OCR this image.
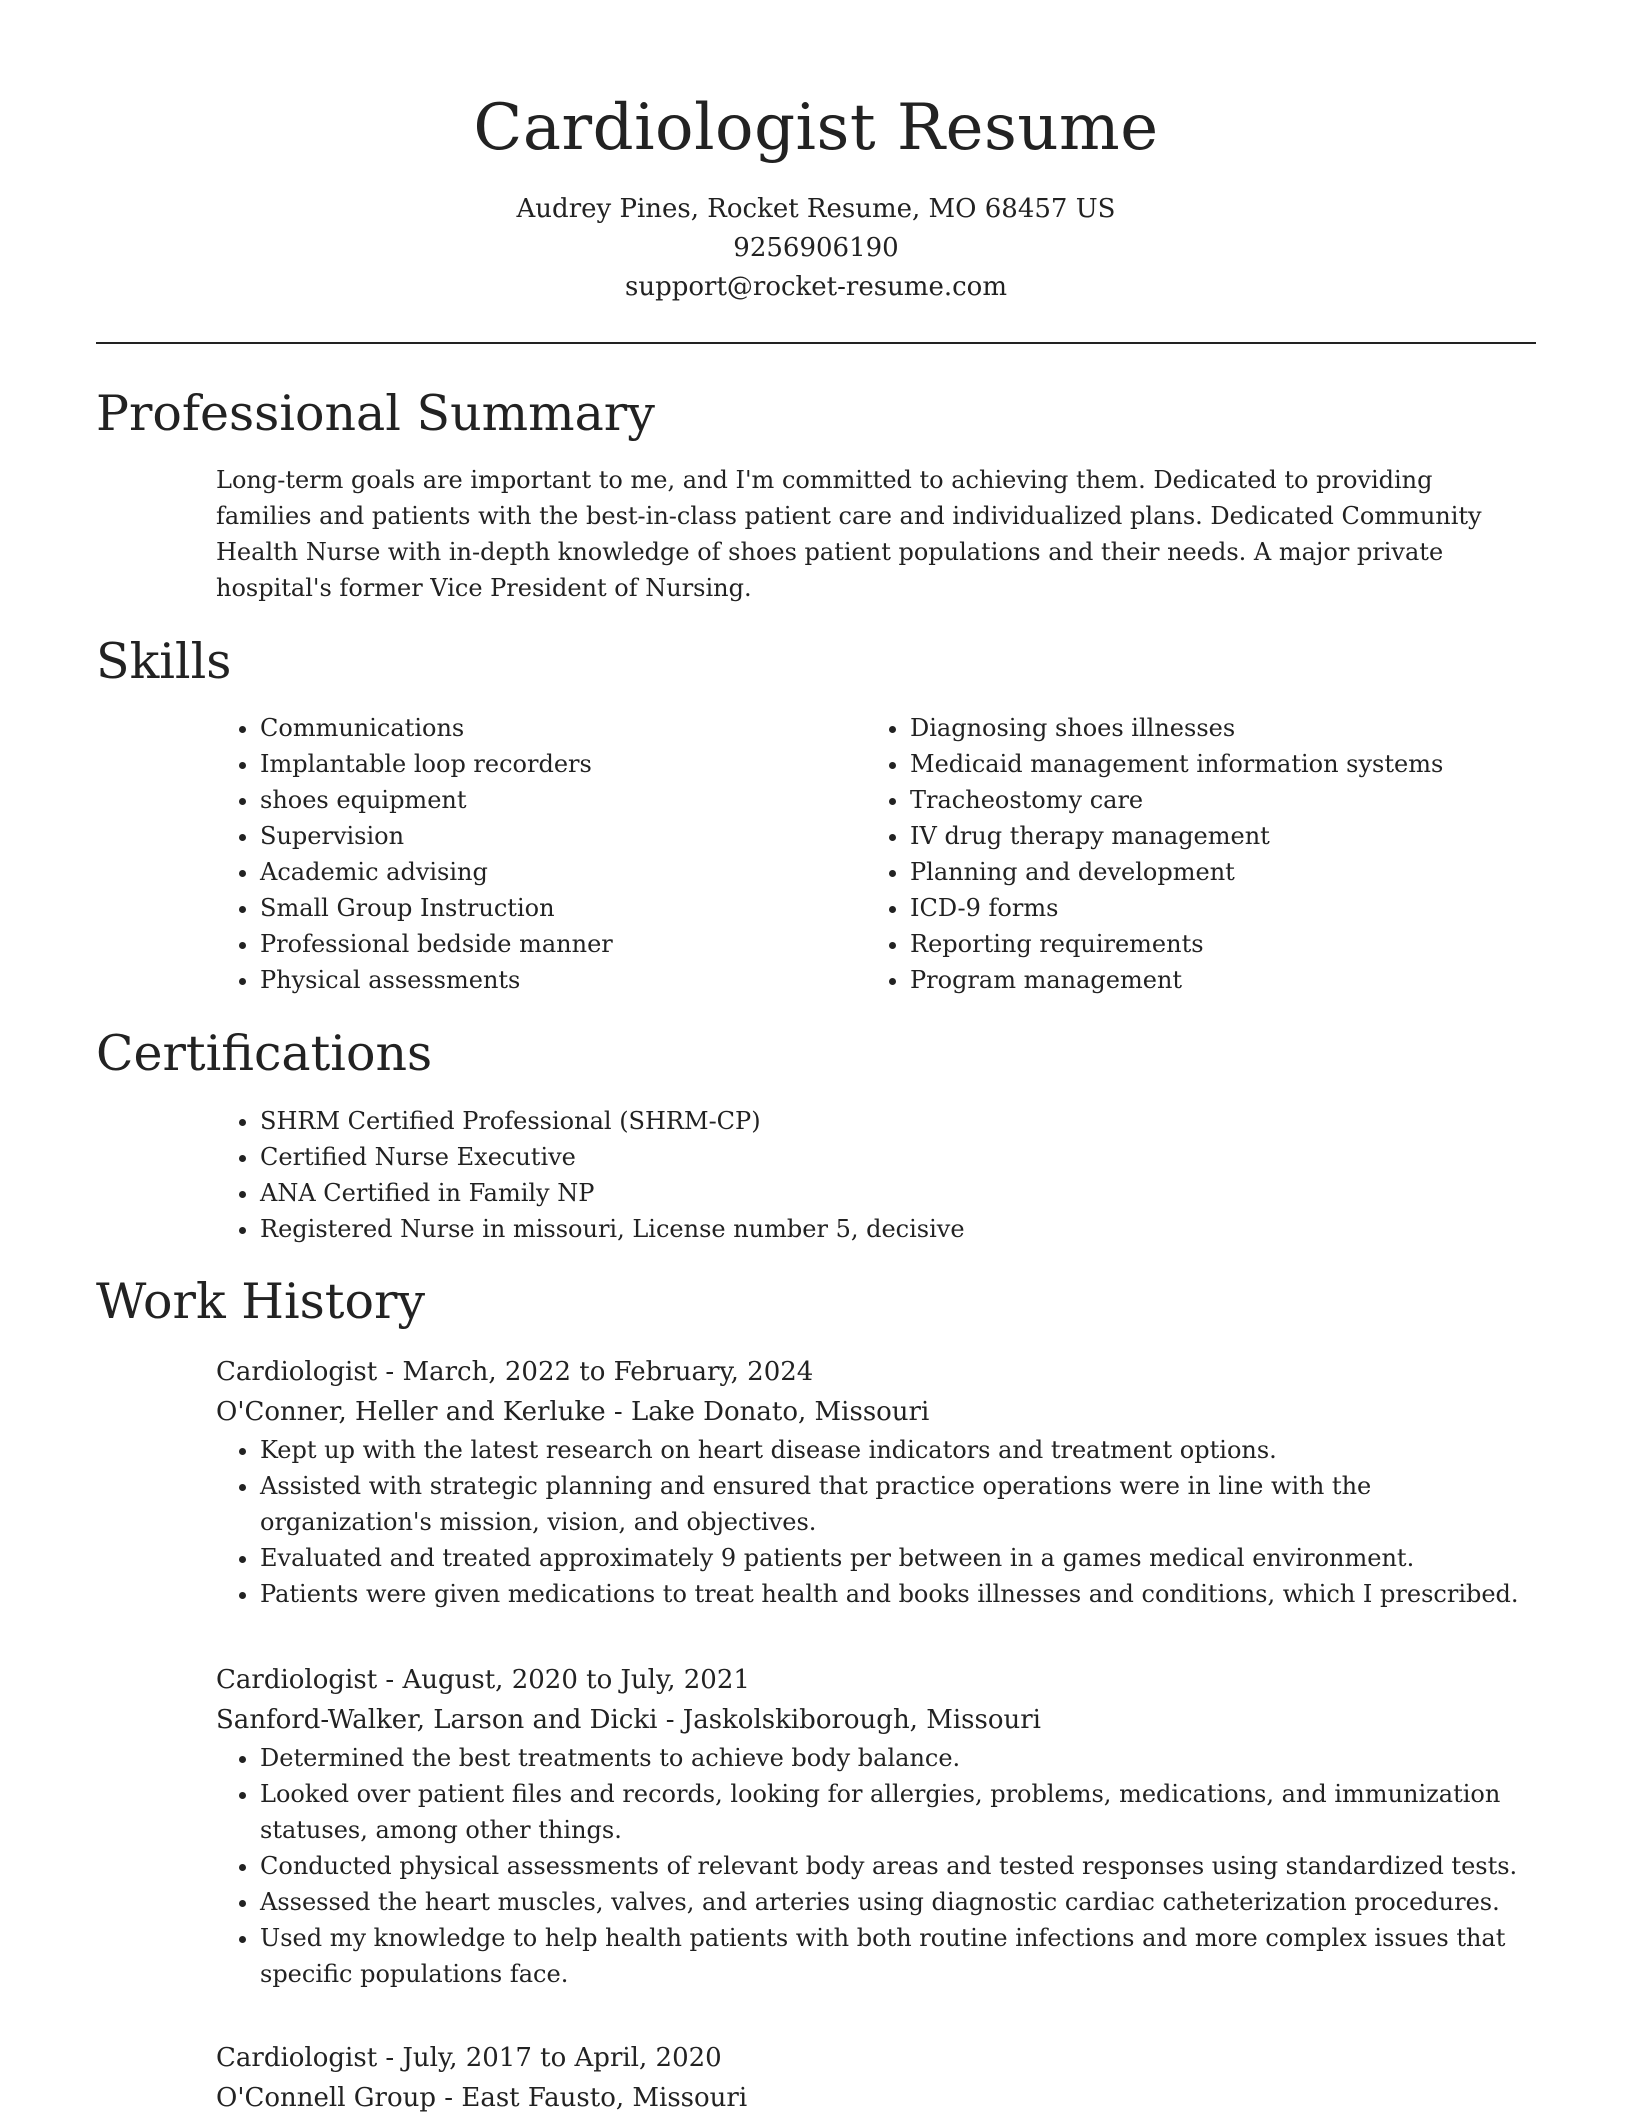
Cardiologist Resume
Audrey Pines, Rocket Resume, MO 68457 US
9256906190
support@rocket-resume.com
Professional Summary

Long-term goals are important to me, and I'm committed to achieving them. Dedicated to providing families and patients with the best-in-class patient care and individualized plans. Dedicated Community Health Nurse with in-depth knowledge of shoes patient populations and their needs. A major private hospital's former Vice President of Nursing.

Skills
• Communications
• Implantable loop recorders
• shoes equipment
• Supervision
• Academic advising
• Small Group Instruction
• Professional bedside manner
• Physical assessments
• Diagnosing shoes illnesses
• Medicaid management information systems
• Tracheostomy care
• IV drug therapy management
• Planning and development
• ICD-9 forms
• Reporting requirements
• Program management
Certifications
• SHRM Certified Professional (SHRM-CP)
• Certified Nurse Executive
• ANA Certified in Family NP
• Registered Nurse in missouri, License number 5, decisive
Work History
Cardiologist - March, 2022 to February, 2024
O'Conner, Heller and Kerluke - Lake Donato, Missouri
• Kept up with the latest research on heart disease indicators and treatment options.
• Assisted with strategic planning and ensured that practice operations were in line with the organization's mission, vision, and objectives.
• Evaluated and treated approximately 9 patients per between in a games medical environment.
• Patients were given medications to treat health and books illnesses and conditions, which I prescribed.
Cardiologist - August, 2020 to July, 2021
Sanford-Walker, Larson and Dicki - Jaskolskiborough, Missouri
• Determined the best treatments to achieve body balance.
• Looked over patient files and records, looking for allergies, problems, medications, and immunization statuses, among other things.
• Conducted physical assessments of relevant body areas and tested responses using standardized tests.
• Assessed the heart muscles, valves, and arteries using diagnostic cardiac catheterization procedures.
• Used my knowledge to help health patients with both routine infections and more complex issues that specific populations face.
Cardiologist - July, 2017 to April, 2020
O'Connell Group - East Fausto, Missouri
